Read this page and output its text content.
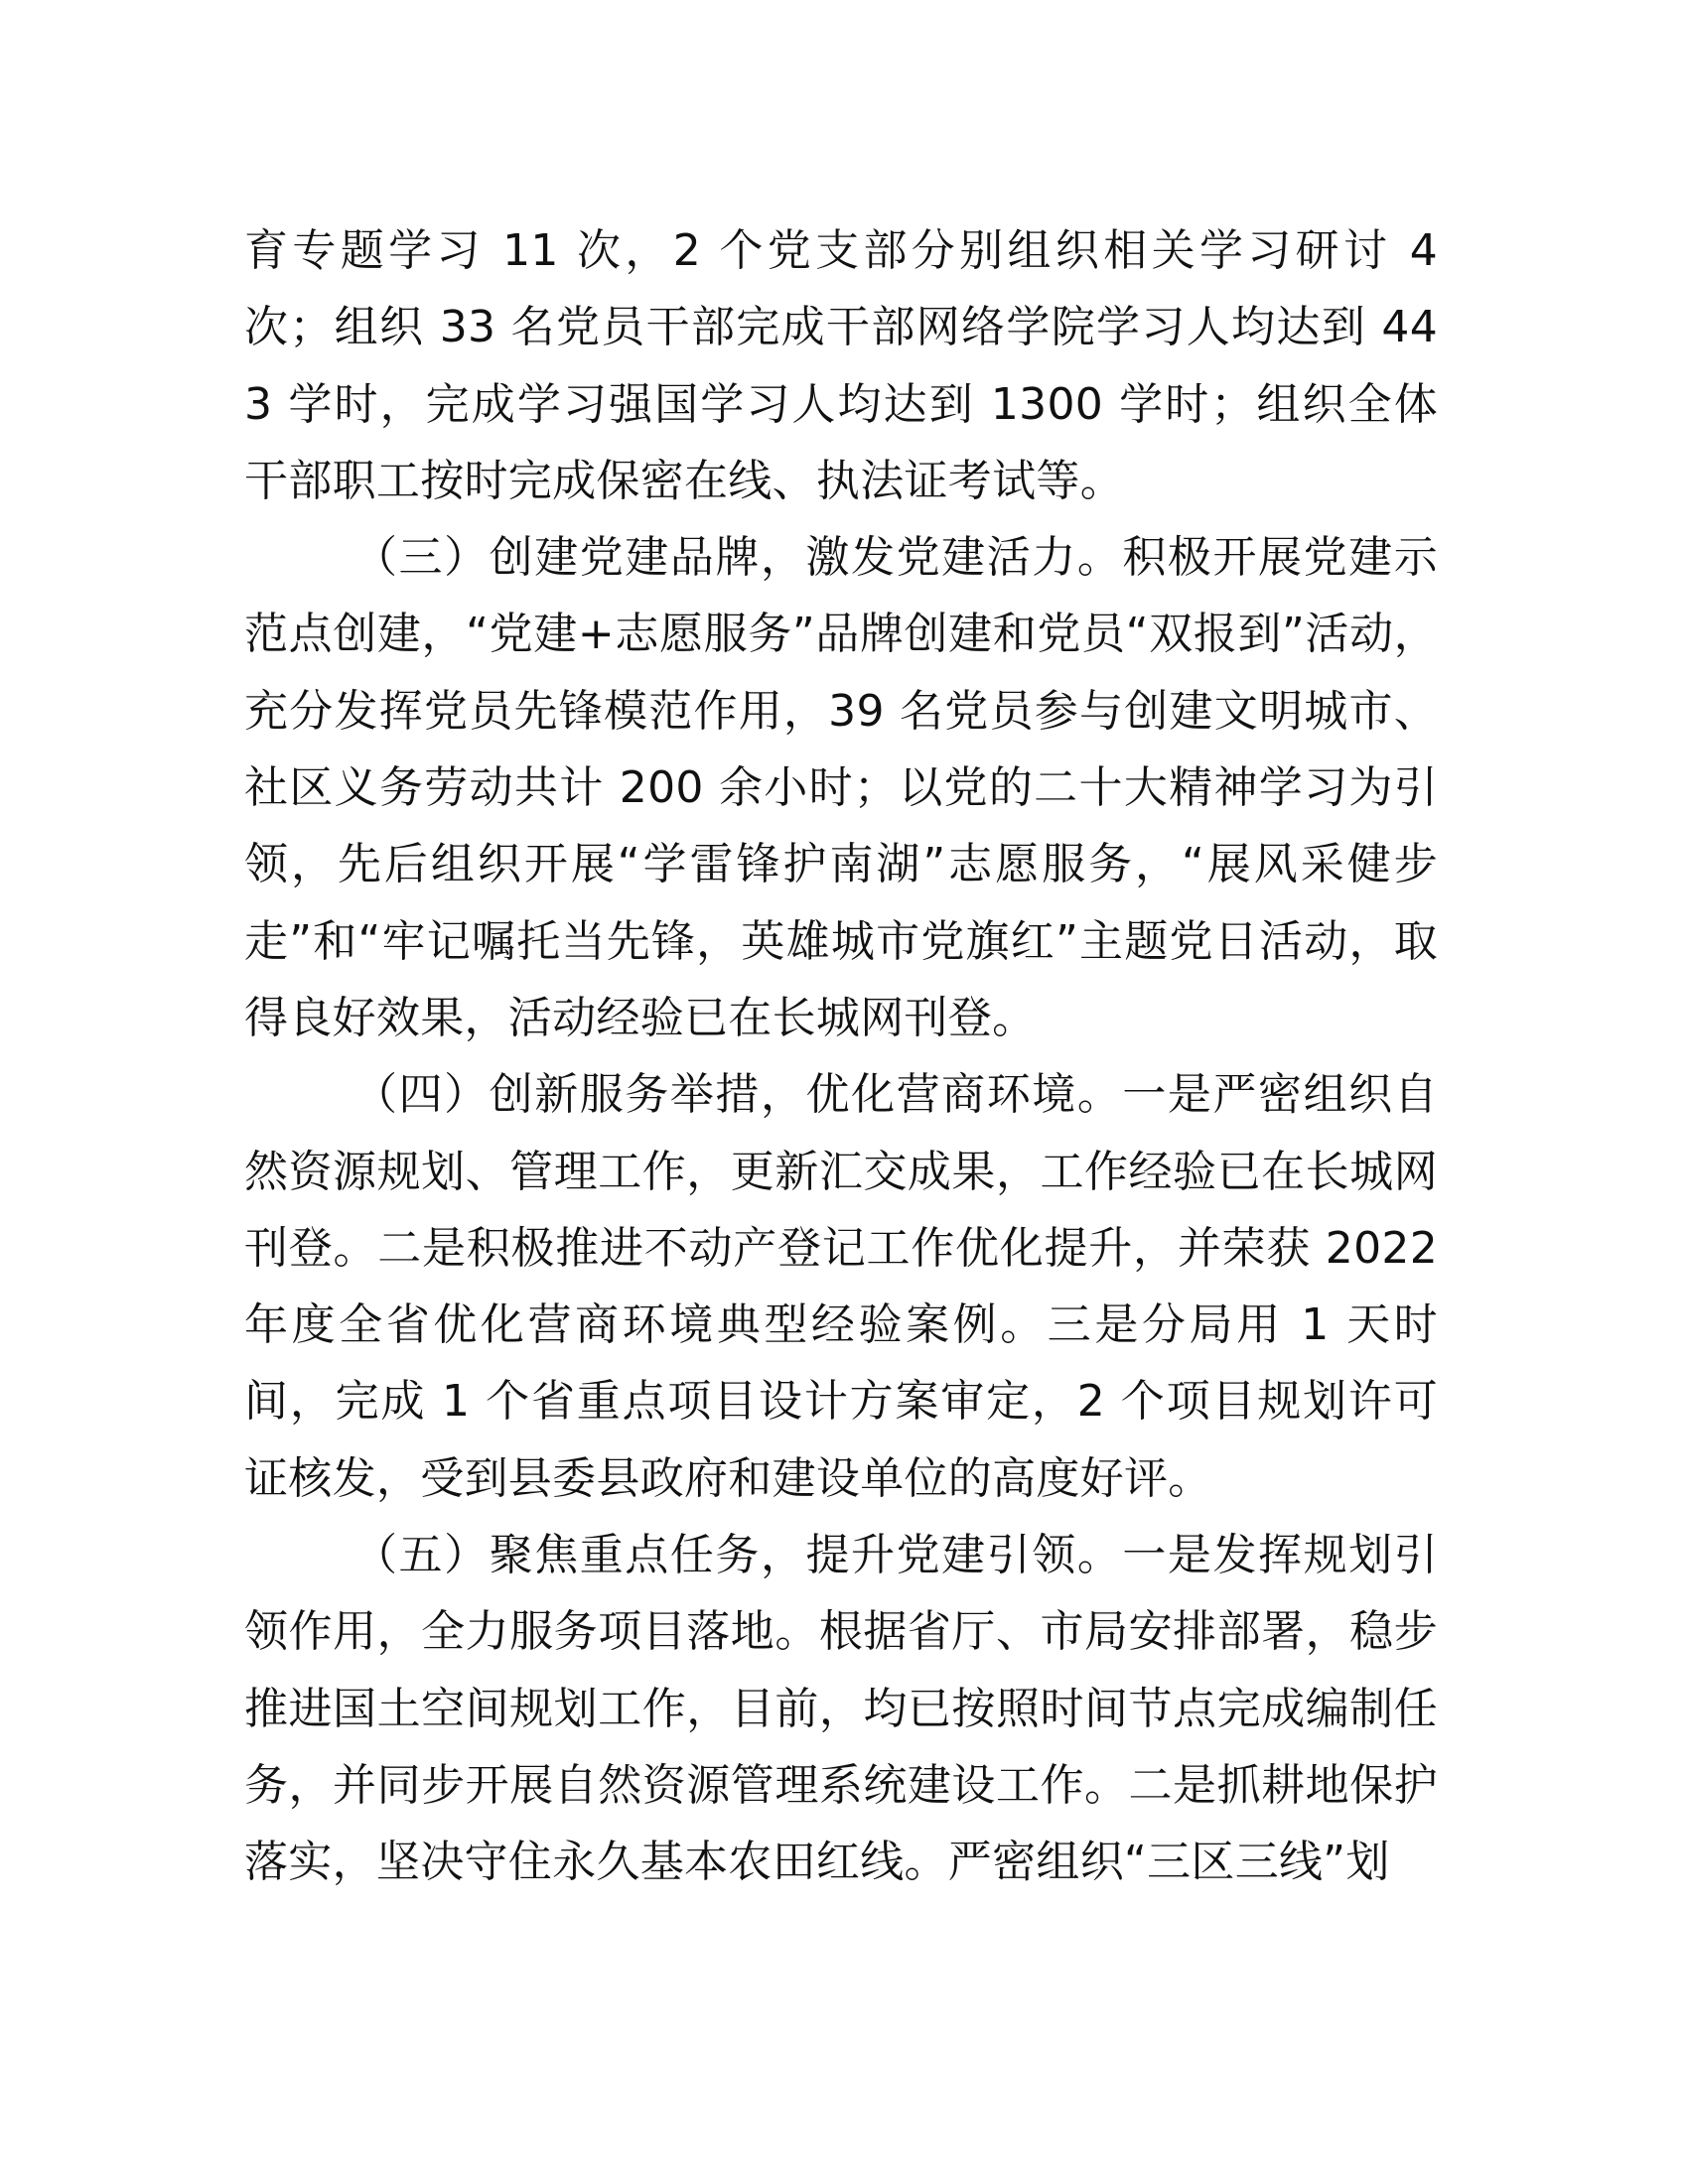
育专题学习 11 次，2 个党支部分别组织相关学习研讨 4 次；组织 33 名党员干部完成干部网络学院学习人均达到 443 学时，完成学习强国学习人均达到 1300 学时；组织全体干部职工按时完成保密在线、执法证考试等。

（三）创建党建品牌，激发党建活力。积极开展党建示范点创建，“党建+志愿服务”品牌创建和党员“双报到”活动，充分发挥党员先锋模范作用，39 名党员参与创建文明城市、社区义务劳动共计 200 余小时；以党的二十大精神学习为引领，先后组织开展“学雷锋护南湖”志愿服务，“展风采健步走”和“牢记嘱托当先锋，英雄城市党旗红”主题党日活动，取得良好效果，活动经验已在长城网刊登。

（四）创新服务举措，优化营商环境。一是严密组织自然资源规划、管理工作，更新汇交成果，工作经验已在长城网刊登。二是积极推进不动产登记工作优化提升，并荣获 2022 年度全省优化营商环境典型经验案例。三是分局用 1 天时间，完成 1 个省重点项目设计方案审定，2 个项目规划许可证核发，受到县委县政府和建设单位的高度好评。

（五）聚焦重点任务，提升党建引领。一是发挥规划引领作用，全力服务项目落地。根据省厅、市局安排部署，稳步推进国土空间规划工作，目前，均已按照时间节点完成编制任务，并同步开展自然资源管理系统建设工作。二是抓耕地保护落实，坚决守住永久基本农田红线。严密组织“三区三线”划
